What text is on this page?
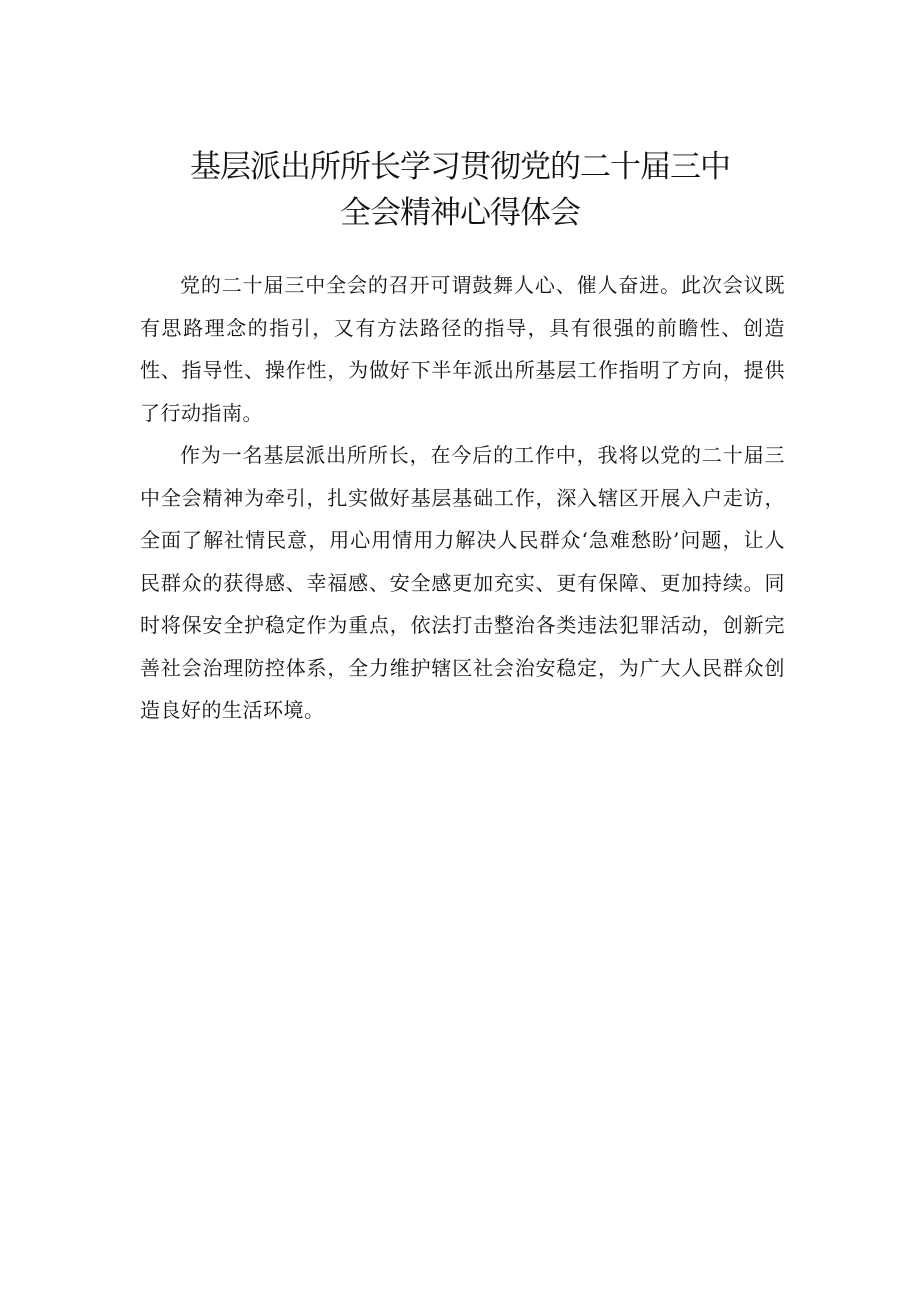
基层派出所所长学习贯彻党的二十届三中
全会精神心得体会

党的二十届三中全会的召开可谓鼓舞人心、催人奋进。此次会议既有思路理念的指引，又有方法路径的指导，具有很强的前瞻性、创造性、指导性、操作性，为做好下半年派出所基层工作指明了方向，提供了行动指南。

作为一名基层派出所所长，在今后的工作中，我将以党的二十届三中全会精神为牵引，扎实做好基层基础工作，深入辖区开展入户走访，全面了解社情民意，用心用情用力解决人民群众‘急难愁盼’问题，让人民群众的获得感、幸福感、安全感更加充实、更有保障、更加持续。同时将保安全护稳定作为重点，依法打击整治各类违法犯罪活动，创新完善社会治理防控体系，全力维护辖区社会治安稳定，为广大人民群众创造良好的生活环境。
